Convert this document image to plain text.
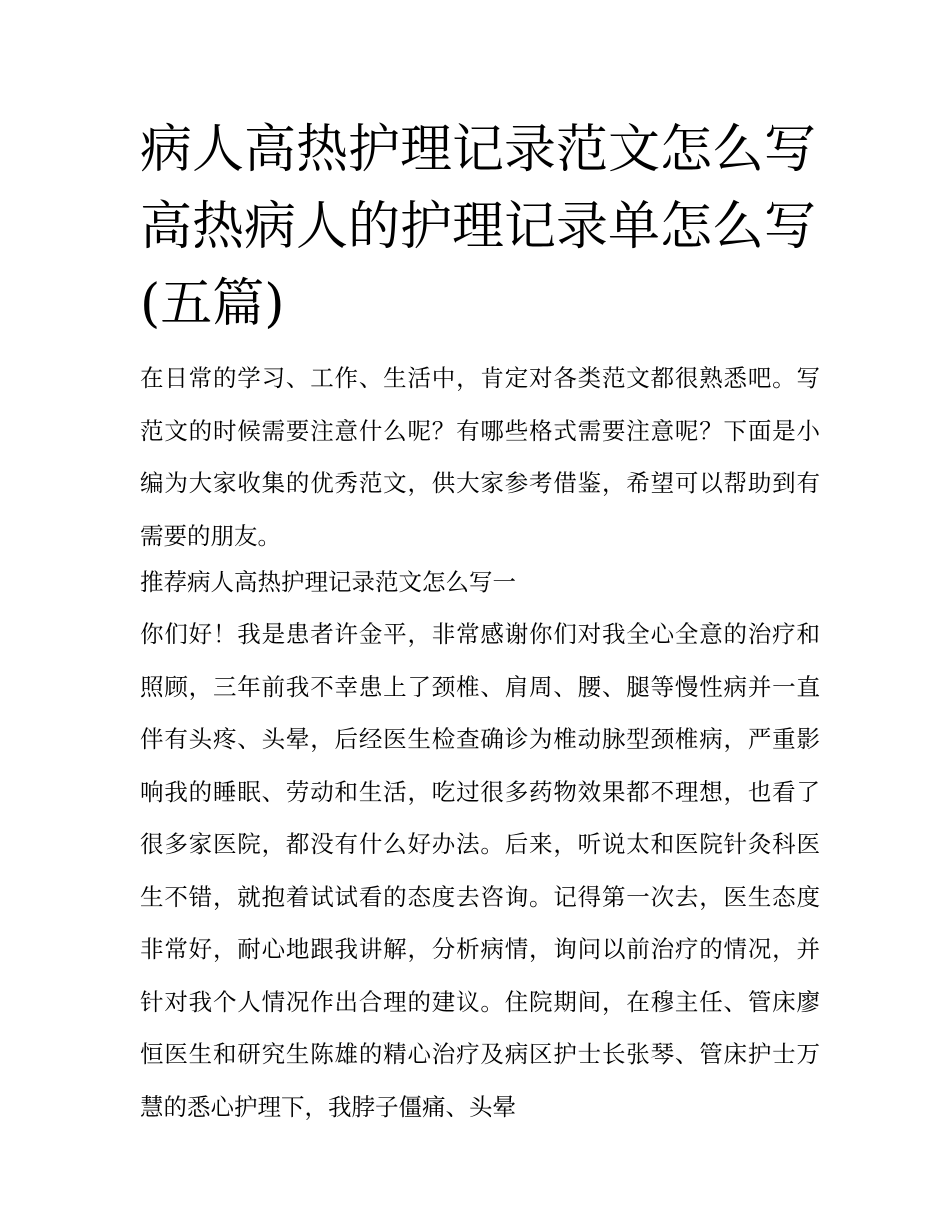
病人高热护理记录范文怎么写
高热病人的护理记录单怎么写
(五篇)

在日常的学习、工作、生活中，肯定对各类范文都很熟悉吧。写范文的时候需要注意什么呢？有哪些格式需要注意呢？下面是小编为大家收集的优秀范文，供大家参考借鉴，希望可以帮助到有需要的朋友。

推荐病人高热护理记录范文怎么写一

你们好！我是患者许金平，非常感谢你们对我全心全意的治疗和照顾，三年前我不幸患上了颈椎、肩周、腰、腿等慢性病并一直伴有头疼、头晕，后经医生检查确诊为椎动脉型颈椎病，严重影响我的睡眠、劳动和生活，吃过很多药物效果都不理想，也看了很多家医院，都没有什么好办法。后来，听说太和医院针灸科医生不错，就抱着试试看的态度去咨询。记得第一次去，医生态度非常好，耐心地跟我讲解，分析病情，询问以前治疗的情况，并针对我个人情况作出合理的建议。住院期间，在穆主任、管床廖恒医生和研究生陈雄的精心治疗及病区护士长张琴、管床护士万慧的悉心护理下，我脖子僵痛、头晕
